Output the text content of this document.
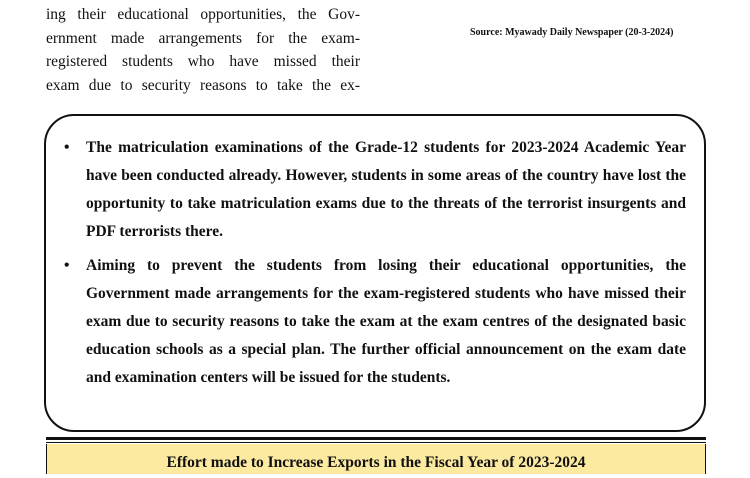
ing their educational opportunities, the Gov-
ernment made arrangements for the exam-
registered students who have missed their
exam due to security reasons to take the ex-
Source: Myawady Daily Newspaper (20-3-2024)
• The matriculation examinations of the Grade-12 students for 2023-2024 Academic Year have been conducted already. However, students in some areas of the country have lost the opportunity to take matriculation exams due to the threats of the terrorist insurgents and PDF terrorists there.
• Aiming to prevent the students from losing their educational opportunities, the Government made arrangements for the exam-registered students who have missed their exam due to security reasons to take the exam at the exam centres of the designated basic education schools as a special plan. The further official announcement on the exam date and examination centers will be issued for the students.
Effort made to Increase Exports in the Fiscal Year of 2023-2024
